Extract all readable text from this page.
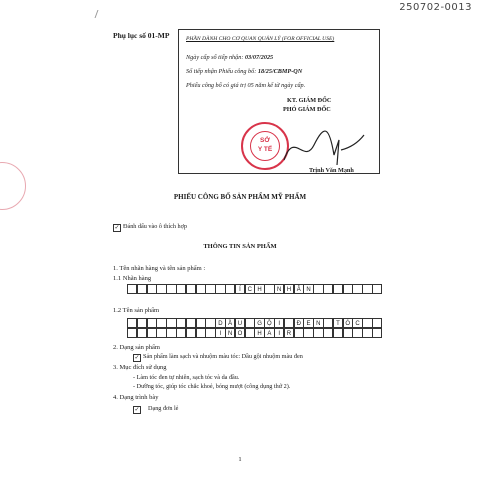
250702-0013
Phụ lục số 01-MP	PHẦN DÀNH CHO CƠ QUAN QUẢN LÝ (FOR OFFICIAL USE)
Ngày cấp số tiếp nhận: 03/07/2025
Số tiếp nhận Phiếu công bố: 18/25/CBMP-QN
Phiếu công bố có giá trị 05 năm kể từ ngày cấp.
KT. GIÁM ĐỐC
PHÓ GIÁM ĐỐC
SỞ
Y TẾ
Trịnh Văn Mạnh
PHIẾU CÔNG BỐ SẢN PHẨM MỸ PHẨM
✓ Đánh dấu vào ô thích hợp
THÔNG TIN SẢN PHẨM
1. Tên nhãn hàng và tên sản phẩm :
1.1 Nhãn hàng
Í	C H	N H Â N
1.2 Tên sản phẩm
D Ầ U	G Ộ	I	Đ E N	T Ó C
I	N O	H A	I	R
2. Dạng sản phẩm
✓ Sản phẩm làm sạch và nhuộm màu tóc: Dầu gội nhuộm màu đen
3. Mục đích sử dụng
- Làm tóc đen tự nhiên, sạch tóc và da đầu.
- Dưỡng tóc, giúp tóc chắc khoẻ, bóng mượt (công dụng thứ 2).
4. Dạng trình bày
✓ Dạng đơn lẻ
1
